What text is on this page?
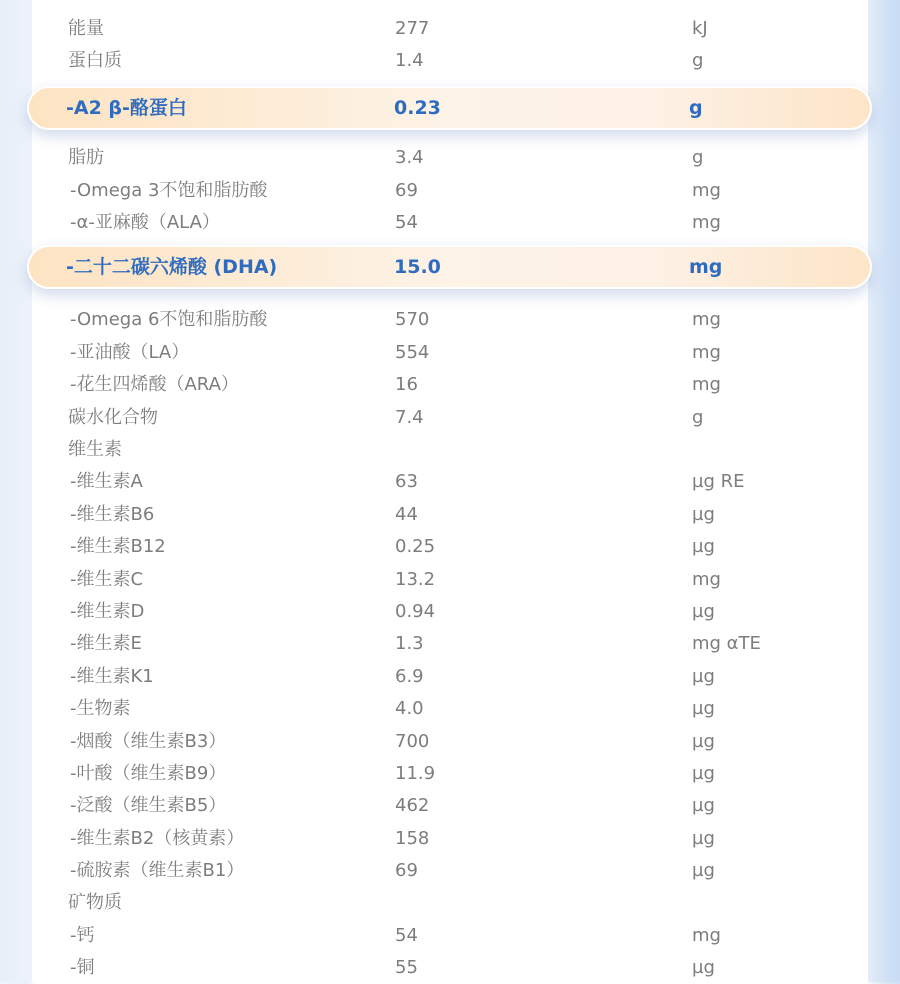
能量	277	kJ
蛋白质	1.4	g
-A2 β-酪蛋白	0.23	g
脂肪	3.4	g
-Omega 3不饱和脂肪酸	69	mg
-α-亚麻酸（ALA）	54	mg
-二十二碳六烯酸 (DHA)	15.0	mg
-Omega 6不饱和脂肪酸	570	mg
-亚油酸（LA）	554	mg
-花生四烯酸（ARA）	16	mg
碳水化合物	7.4	g
维生素
-维生素A	63	µg RE
-维生素B6	44	µg
-维生素B12	0.25	µg
-维生素C	13.2	mg
-维生素D	0.94	µg
-维生素E	1.3	mg αTE
-维生素K1	6.9	µg
-生物素	4.0	µg
-烟酸（维生素B3）	700	µg
-叶酸（维生素B9）	11.9	µg
-泛酸（维生素B5）	462	µg
-维生素B2（核黄素）	158	µg
-硫胺素（维生素B1）	69	µg
矿物质
-钙	54	mg
-铜	55	µg
